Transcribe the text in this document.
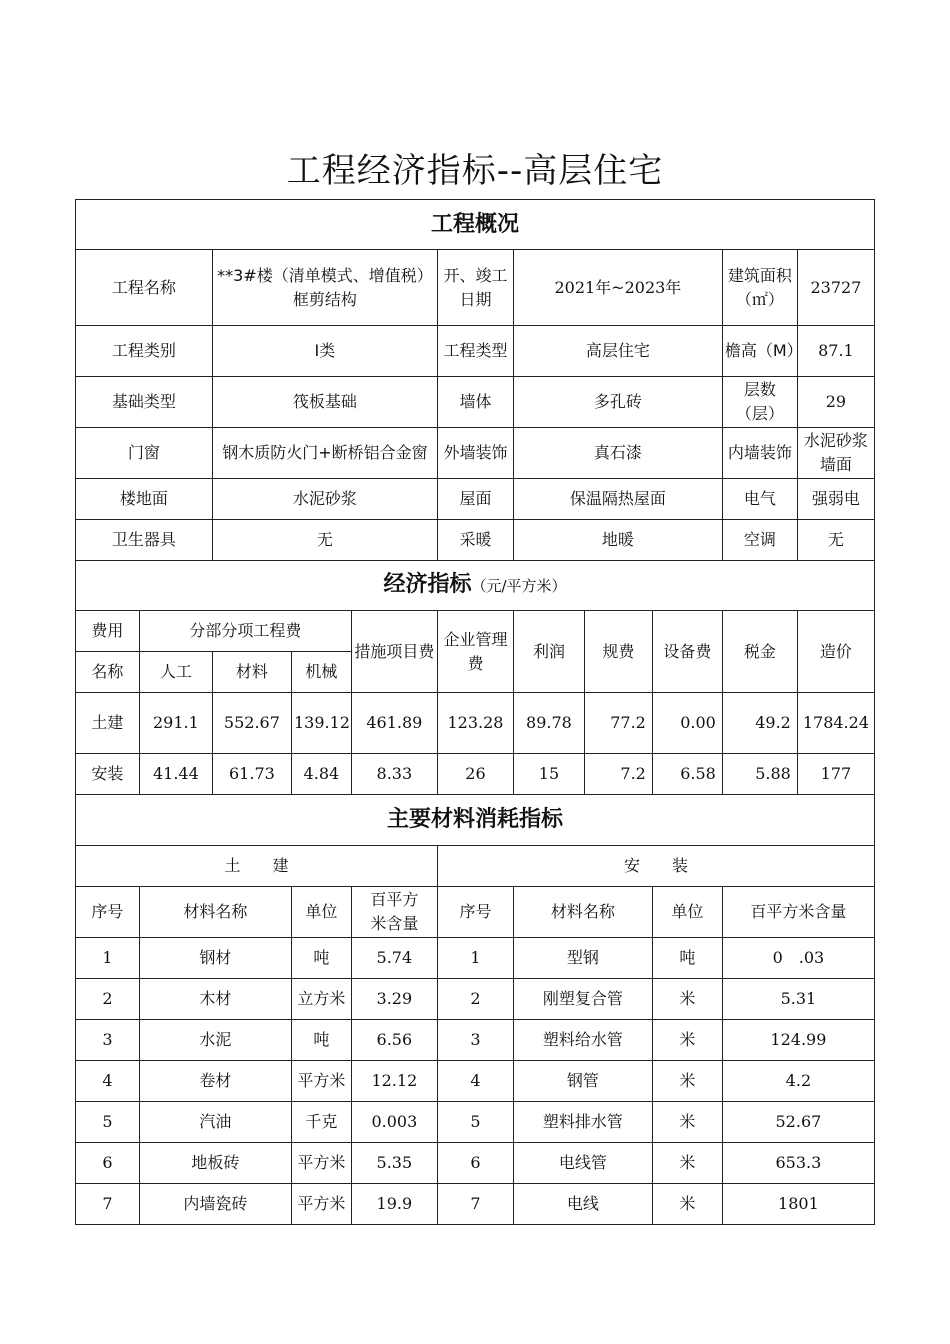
工程经济指标--高层住宅
工程概况										
工程名称		**3#楼（清单模式、增值税）框剪结构			开、竣工日期	2021年~2023年			建筑面积（㎡）	23727
工程类别		I类			工程类型	高层住宅			檐高（M）	87.1
基础类型		筏板基础			墙体	多孔砖			层数（层）	29
门窗		钢木质防火门+断桥铝合金窗			外墙装饰	真石漆			内墙装饰	水泥砂浆墙面
楼地面		水泥砂浆			屋面	保温隔热屋面			电气	强弱电
卫生器具		无			采暖	地暖			空调	无
经济指标（元/平方米）										
费用	分部分项工程费			措施项目费	企业管理费	利润	规费	设备费	税金	造价
名称	人工	材料	机械							
土建	291.1	552.67	139.12	461.89	123.28	89.78	77.2	0.00	49.2	1784.24
安装	41.44	61.73	4.84	8.33	26	15	7.2	6.58	5.88	177
主要材料消耗指标										
土　　建					安　　装					
序号	材料名称		单位	百平方米含量	序号	材料名称		单位	百平方米含量	
1	钢材		吨	5.74	1	型钢		吨	0　.03	
2	木材		立方米	3.29	2	刚塑复合管		米	5.31	
3	水泥		吨	6.56	3	塑料给水管		米	124.99	
4	卷材		平方米	12.12	4	钢管		米	4.2	
5	汽油		千克	0.003	5	塑料排水管		米	52.67	
6	地板砖		平方米	5.35	6	电线管		米	653.3	
7	内墙瓷砖		平方米	19.9	7	电线		米	1801	
